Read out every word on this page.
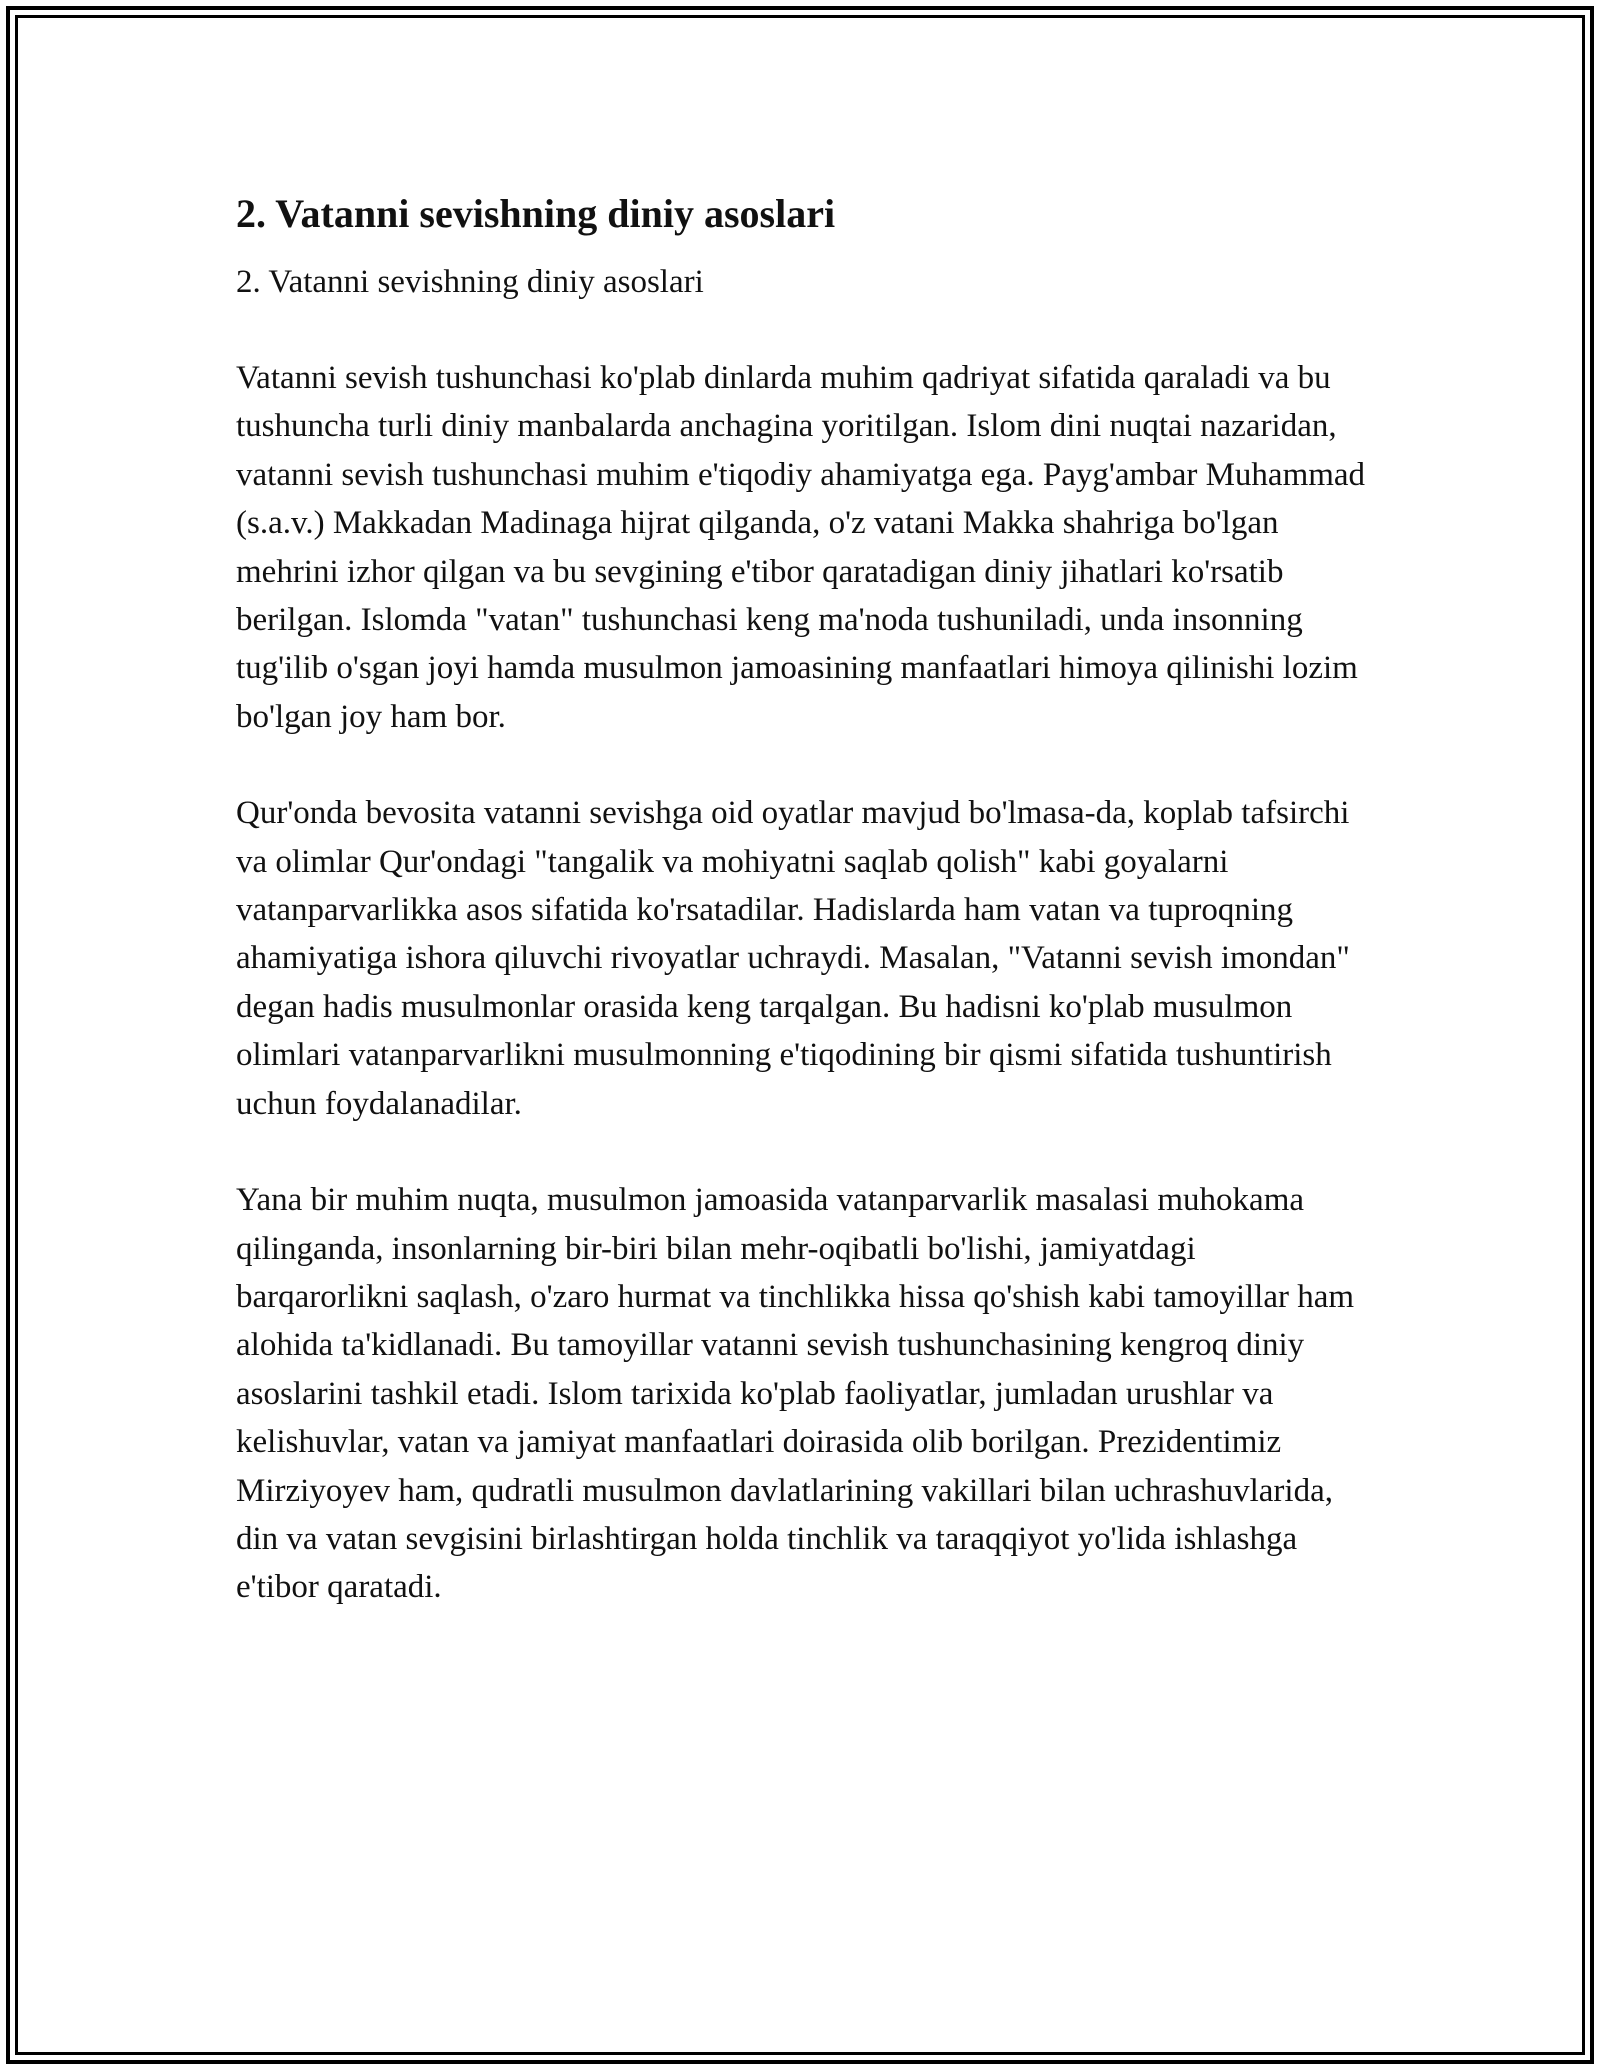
2. Vatanni sevishning diniy asoslari

2. Vatanni sevishning diniy asoslari

Vatanni sevish tushunchasi ko'plab dinlarda muhim qadriyat sifatida qaraladi va bu tushuncha turli diniy manbalarda anchagina yoritilgan. Islom dini nuqtai nazaridan, vatanni sevish tushunchasi muhim e'tiqodiy ahamiyatga ega. Payg'ambar Muhammad (s.a.v.) Makkadan Madinaga hijrat qilganda, o'z vatani Makka shahriga bo'lgan mehrini izhor qilgan va bu sevgining e'tibor qaratadigan diniy jihatlari ko'rsatib berilgan. Islomda "vatan" tushunchasi keng ma'noda tushuniladi, unda insonning tug'ilib o'sgan joyi hamda musulmon jamoasining manfaatlari himoya qilinishi lozim bo'lgan joy ham bor.

Qur'onda bevosita vatanni sevishga oid oyatlar mavjud bo'lmasa-da, koplab tafsirchi va olimlar Qur'ondagi "tangalik va mohiyatni saqlab qolish" kabi goyalarni vatanparvarlikka asos sifatida ko'rsatadilar. Hadislarda ham vatan va tuproqning ahamiyatiga ishora qiluvchi rivoyatlar uchraydi. Masalan, "Vatanni sevish imondan" degan hadis musulmonlar orasida keng tarqalgan. Bu hadisni ko'plab musulmon olimlari vatanparvarlikni musulmonning e'tiqodining bir qismi sifatida tushuntirish uchun foydalanadilar.

Yana bir muhim nuqta, musulmon jamoasida vatanparvarlik masalasi muhokama qilinganda, insonlarning bir-biri bilan mehr-oqibatli bo'lishi, jamiyatdagi barqarorlikni saqlash, o'zaro hurmat va tinchlikka hissa qo'shish kabi tamoyillar ham alohida ta'kidlanadi. Bu tamoyillar vatanni sevish tushunchasining kengroq diniy asoslarini tashkil etadi. Islom tarixida ko'plab faoliyatlar, jumladan urushlar va kelishuvlar, vatan va jamiyat manfaatlari doirasida olib borilgan. Prezidentimiz Mirziyoyev ham, qudratli musulmon davlatlarining vakillari bilan uchrashuvlarida, din va vatan sevgisini birlashtirgan holda tinchlik va taraqqiyot yo'lida ishlashga e'tibor qaratadi.
